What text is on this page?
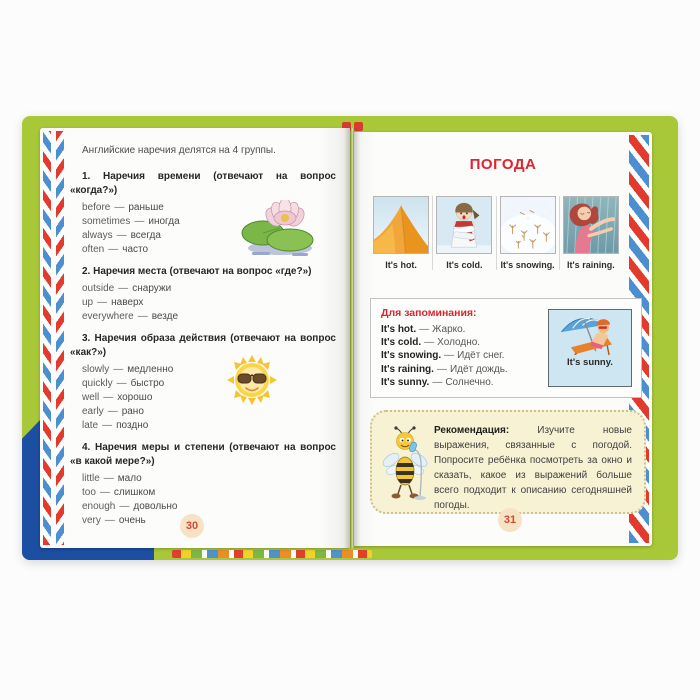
Английские наречия делятся на 4 группы.

1. Наречия времени (отвечают на вопрос «когда?»)

before — раньше
sometimes — иногда
always — всегда
often — часто

2. Наречия места (отвечают на вопрос «где?»)

outside — снаружи
up — наверх
everywhere — везде

3. Наречия образа действия (отвечают на вопрос «как?»)

slowly — медленно
quickly — быстро
well — хорошо
early — рано
late — поздно

4. Наречия меры и степени (отвечают на вопрос «в какой мере?»)

little — мало
too — слишком
enough — довольно
very — очень	30
ПОГОДА
It's hot.	It's cold.	It's snowing.	It's raining.

Для запоминания:

It's hot. — Жарко.
It's cold. — Холодно.
It's snowing. — Идёт снег.
It's raining. — Идёт дождь.
It's sunny. — Солнечно.
It's sunny.

Рекомендация:	Изучите новые выражения, связанные с погодой. Попросите ребёнка посмотреть за окно и сказать, какое из выражений больше всего подходит к описанию сегодняшней погоды.

31
